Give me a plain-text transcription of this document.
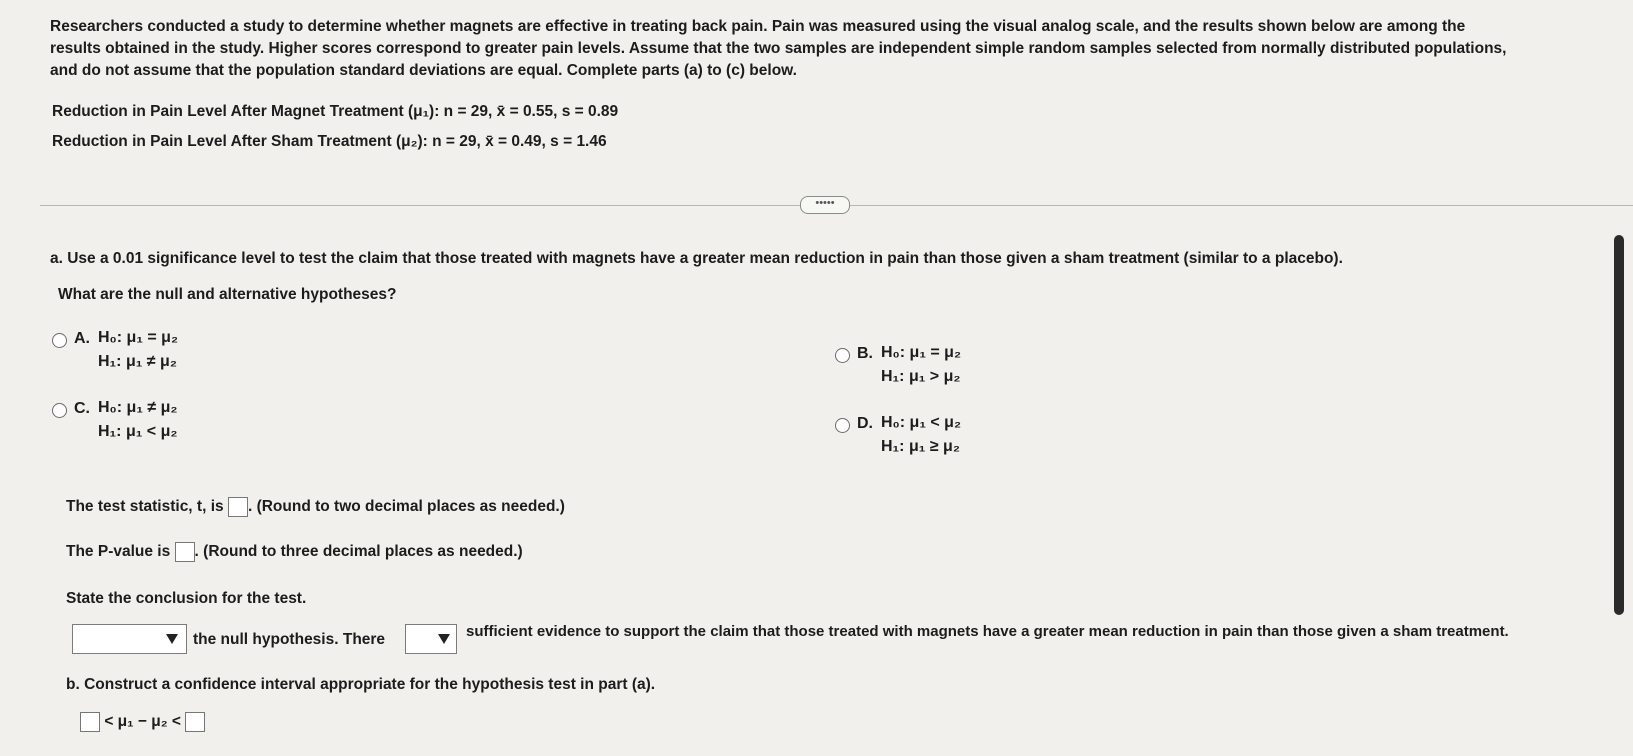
Researchers conducted a study to determine whether magnets are effective in treating back pain. Pain was measured using the visual analog scale, and the results shown below are among the
results obtained in the study. Higher scores correspond to greater pain levels. Assume that the two samples are independent simple random samples selected from normally distributed populations,
and do not assume that the population standard deviations are equal. Complete parts (a) to (c) below.
Reduction in Pain Level After Magnet Treatment (μ₁): n = 29, x̄ = 0.55, s = 0.89
Reduction in Pain Level After Sham Treatment (μ₂): n = 29, x̄ = 0.49, s = 1.46
•••••
a. Use a 0.01 significance level to test the claim that those treated with magnets have a greater mean reduction in pain than those given a sham treatment (similar to a placebo).
What are the null and alternative hypotheses?
A. H₀: μ₁ = μ₂
H₁: μ₁ ≠ μ₂
C. H₀: μ₁ ≠ μ₂
H₁: μ₁ < μ₂
B. H₀: μ₁ = μ₂
H₁: μ₁ > μ₂
D. H₀: μ₁ < μ₂
H₁: μ₁ ≥ μ₂
The test statistic, t, is . (Round to two decimal places as needed.)
The P-value is . (Round to three decimal places as needed.)
State the conclusion for the test.
the null hypothesis. There	sufficient evidence to support the claim that those treated with magnets have a greater mean reduction in pain than those given a sham treatment.
b. Construct a confidence interval appropriate for the hypothesis test in part (a).
< μ₁ − μ₂ <
